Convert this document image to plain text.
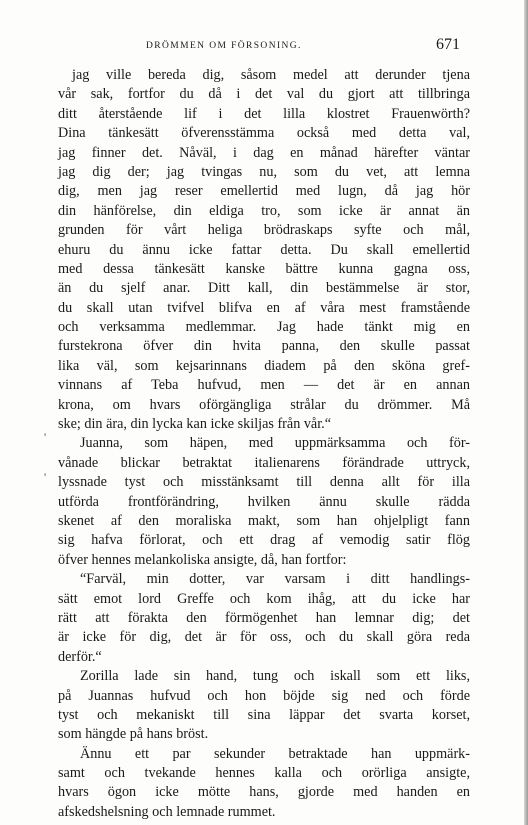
DRÖMMEN OM FÖRSONING.	671
'
'
jag ville bereda dig, såsom medel att derunder tjena
vår sak, fortfor du då i det val du gjort att tillbringa
ditt återstående lif i det lilla klostret Frauenwörth?
Dina tänkesätt öfverensstämma också med detta val,
jag finner det. Nåväl, i dag en månad härefter väntar
jag dig der; jag tvingas nu, som du vet, att lemna
dig, men jag reser emellertid med lugn, då jag hör
din hänförelse, din eldiga tro, som icke är annat än
grunden för vårt heliga brödraskaps syfte och mål,
ehuru du ännu icke fattar detta. Du skall emellertid
med dessa tänkesätt kanske bättre kunna gagna oss,
än du sjelf anar. Ditt kall, din bestämmelse är stor,
du skall utan tvifvel blifva en af våra mest framstående
och verksamma medlemmar. Jag hade tänkt mig en
furstekrona öfver din hvita panna, den skulle passat
lika väl, som kejsarinnans diadem på den sköna gref-
vinnans af Teba hufvud, men — det är en annan
krona, om hvars oförgängliga strålar du drömmer. Må
ske; din ära, din lycka kan icke skiljas från vår.“
Juanna, som häpen, med uppmärksamma och för-
vånade blickar betraktat italienarens förändrade uttryck,
lyssnade tyst och misstänksamt till denna allt för illa
utförda frontförändring, hvilken ännu skulle rädda
skenet af den moraliska makt, som han ohjelpligt fann
sig hafva förlorat, och ett drag af vemodig satir flög
öfver hennes melankoliska ansigte, då, han fortfor:
“Farväl, min dotter, var varsam i ditt handlings-
sätt emot lord Greffe och kom ihåg, att du icke har
rätt att förakta den förmögenhet han lemnar dig; det
är icke för dig, det är för oss, och du skall göra reda
derför.“
Zorilla lade sin hand, tung och iskall som ett liks,
på Juannas hufvud och hon böjde sig ned och förde
tyst och mekaniskt till sina läppar det svarta korset,
som hängde på hans bröst.
Ännu ett par sekunder betraktade han uppmärk-
samt och tvekande hennes kalla och orörliga ansigte,
hvars ögon icke mötte hans, gjorde med handen en
afskedshelsning och lemnade rummet.
